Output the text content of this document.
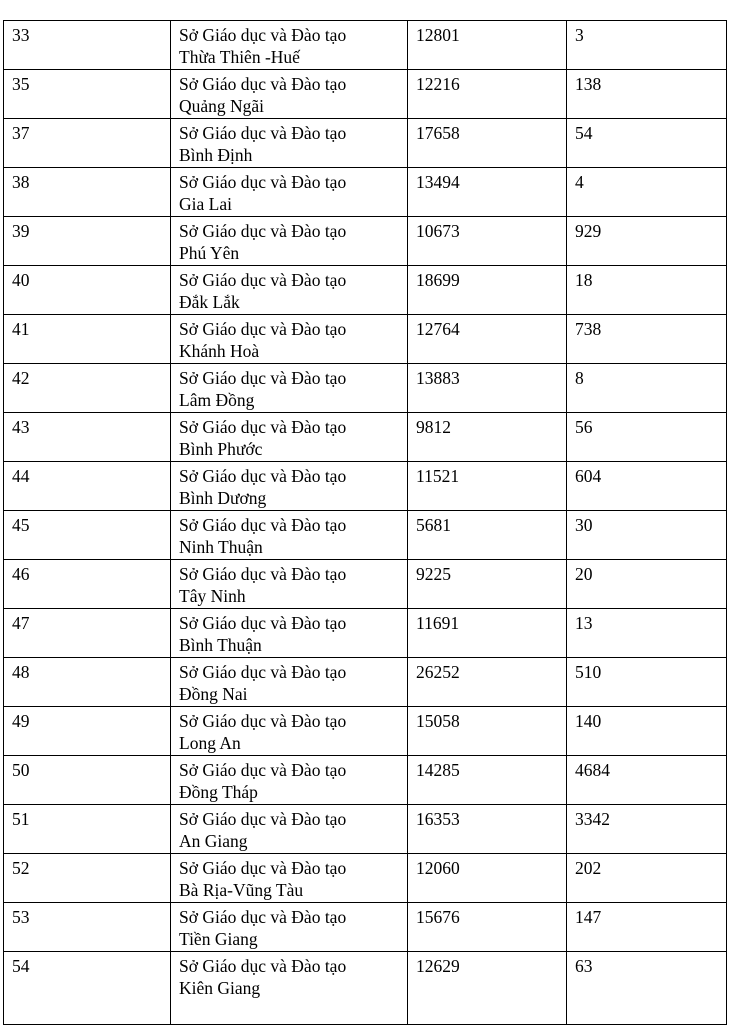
33	Sở Giáo dục và Đào tạo
Thừa Thiên -Huế	12801	3
35	Sở Giáo dục và Đào tạo
Quảng Ngãi	12216	138
37	Sở Giáo dục và Đào tạo
Bình Định	17658	54
38	Sở Giáo dục và Đào tạo
Gia Lai	13494	4
39	Sở Giáo dục và Đào tạo
Phú Yên	10673	929
40	Sở Giáo dục và Đào tạo
Đắk Lắk	18699	18
41	Sở Giáo dục và Đào tạo
Khánh Hoà	12764	738
42	Sở Giáo dục và Đào tạo
Lâm Đồng	13883	8
43	Sở Giáo dục và Đào tạo
Bình Phước	9812	56
44	Sở Giáo dục và Đào tạo
Bình Dương	11521	604
45	Sở Giáo dục và Đào tạo
Ninh Thuận	5681	30
46	Sở Giáo dục và Đào tạo
Tây Ninh	9225	20
47	Sở Giáo dục và Đào tạo
Bình Thuận	11691	13
48	Sở Giáo dục và Đào tạo
Đồng Nai	26252	510
49	Sở Giáo dục và Đào tạo
Long An	15058	140
50	Sở Giáo dục và Đào tạo
Đồng Tháp	14285	4684
51	Sở Giáo dục và Đào tạo
An Giang	16353	3342
52	Sở Giáo dục và Đào tạo
Bà Rịa-Vũng Tàu	12060	202
53	Sở Giáo dục và Đào tạo
Tiền Giang	15676	147
54	Sở Giáo dục và Đào tạo
Kiên Giang	12629	63
